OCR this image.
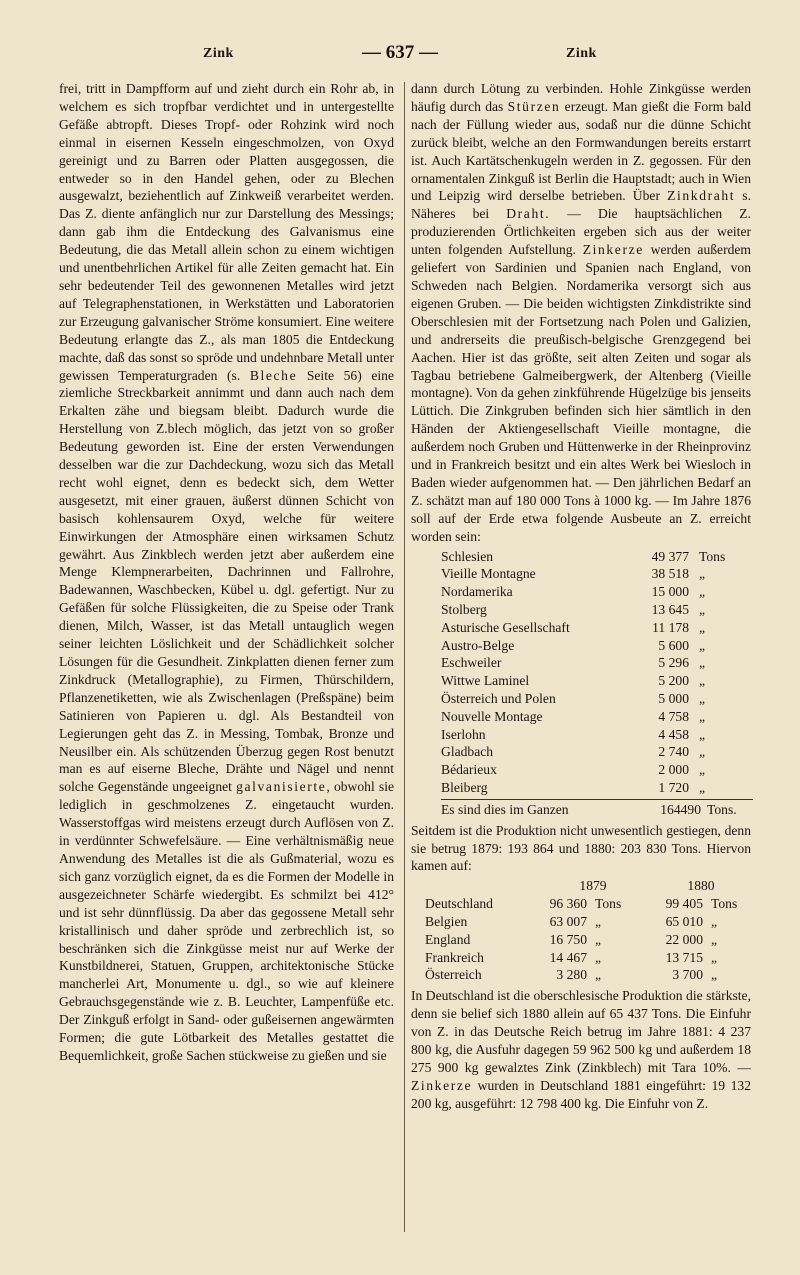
Zink	— 637 —	Zink

frei, tritt in Dampfform auf und zieht durch ein Rohr ab, in welchem es sich tropfbar verdichtet und in untergestellte Gefäße abtropft. Dieses Tropf- oder Rohzink wird noch einmal in eisernen Kesseln eingeschmolzen, von Oxyd gereinigt und zu Barren oder Platten ausgegossen, die entweder so in den Handel gehen, oder zu Blechen ausgewalzt, beziehentlich auf Zinkweiß verarbeitet werden. Das Z. diente anfänglich nur zur Darstellung des Messings; dann gab ihm die Entdeckung des Galvanismus eine Bedeutung, die das Metall allein schon zu einem wichtigen und unentbehrlichen Artikel für alle Zeiten gemacht hat. Ein sehr bedeutender Teil des gewonnenen Metalles wird jetzt auf Telegraphenstationen, in Werkstätten und Laboratorien zur Erzeugung galvanischer Ströme konsumiert. Eine weitere Bedeutung erlangte das Z., als man 1805 die Entdeckung machte, daß das sonst so spröde und undehnbare Metall unter gewissen Temperaturgraden (s. Bleche Seite 56) eine ziemliche Streckbarkeit annimmt und dann auch nach dem Erkalten zähe und biegsam bleibt. Dadurch wurde die Herstellung von Z.blech möglich, das jetzt von so großer Bedeutung geworden ist. Eine der ersten Verwendungen desselben war die zur Dachdeckung, wozu sich das Metall recht wohl eignet, denn es bedeckt sich, dem Wetter ausgesetzt, mit einer grauen, äußerst dünnen Schicht von basisch kohlensaurem Oxyd, welche für weitere Einwirkungen der Atmosphäre einen wirksamen Schutz gewährt. Aus Zinkblech werden jetzt aber außerdem eine Menge Klempnerarbeiten, Dachrinnen und Fallrohre, Badewannen, Waschbecken, Kübel u. dgl. gefertigt. Nur zu Gefäßen für solche Flüssigkeiten, die zu Speise oder Trank dienen, Milch, Wasser, ist das Metall untauglich wegen seiner leichten Löslichkeit und der Schädlichkeit solcher Lösungen für die Gesundheit. Zinkplatten dienen ferner zum Zinkdruck (Metallographie), zu Firmen, Thürschildern, Pflanzenetiketten, wie als Zwischenlagen (Preßspäne) beim Satinieren von Papieren u. dgl. Als Bestandteil von Legierungen geht das Z. in Messing, Tombak, Bronze und Neusilber ein. Als schützenden Überzug gegen Rost benutzt man es auf eiserne Bleche, Drähte und Nägel und nennt solche Gegenstände ungeeignet galvanisierte, obwohl sie lediglich in geschmolzenes Z. eingetaucht wurden. Wasserstoffgas wird meistens erzeugt durch Auflösen von Z. in verdünnter Schwefelsäure. — Eine verhältnismäßig neue Anwendung des Metalles ist die als Gußmaterial, wozu es sich ganz vorzüglich eignet, da es die Formen der Modelle in ausgezeichneter Schärfe wiedergibt. Es schmilzt bei 412° und ist sehr dünnflüssig. Da aber das gegossene Metall sehr kristallinisch und daher spröde und zerbrechlich ist, so beschränken sich die Zinkgüsse meist nur auf Werke der Kunstbildnerei, Statuen, Gruppen, architektonische Stücke mancherlei Art, Monumente u. dgl., so wie auf kleinere Gebrauchsgegenstände wie z. B. Leuchter, Lampenfüße etc. Der Zinkguß erfolgt in Sand- oder gußeisernen angewärmten Formen; die gute Lötbarkeit des Metalles gestattet die Bequemlichkeit, große Sachen stückweise zu gießen und sie

dann durch Lötung zu verbinden. Hohle Zinkgüsse werden häufig durch das Stürzen erzeugt. Man gießt die Form bald nach der Füllung wieder aus, sodaß nur die dünne Schicht zurück bleibt, welche an den Formwandungen bereits erstarrt ist. Auch Kartätschenkugeln werden in Z. gegossen. Für den ornamentalen Zinkguß ist Berlin die Hauptstadt; auch in Wien und Leipzig wird derselbe betrieben. Über Zinkdraht s. Näheres bei Draht. — Die hauptsächlichen Z. produzierenden Örtlichkeiten ergeben sich aus der weiter unten folgenden Aufstellung. Zinkerze werden außerdem geliefert von Sardinien und Spanien nach England, von Schweden nach Belgien. Nordamerika versorgt sich aus eigenen Gruben. — Die beiden wichtigsten Zinkdistrikte sind Oberschlesien mit der Fortsetzung nach Polen und Galizien, und andrerseits die preußisch-belgische Grenzgegend bei Aachen. Hier ist das größte, seit alten Zeiten und sogar als Tagbau betriebene Galmeibergwerk, der Altenberg (Vieille montagne). Von da gehen zinkführende Hügelzüge bis jenseits Lüttich. Die Zinkgruben befinden sich hier sämtlich in den Händen der Aktiengesellschaft Vieille montagne, die außerdem noch Gruben und Hüttenwerke in der Rheinprovinz und in Frankreich besitzt und ein altes Werk bei Wiesloch in Baden wieder aufgenommen hat. — Den jährlichen Bedarf an Z. schätzt man auf 180 000 Tons à 1000 kg. — Im Jahre 1876 soll auf der Erde etwa folgende Ausbeute an Z. erreicht worden sein:

Schlesien	49 377	Tons
Vieille Montagne	38 518	„
Nordamerika	15 000	„
Stolberg	13 645	„
Asturische Gesellschaft	11 178	„
Austro-Belge	5 600	„
Eschweiler	5 296	„
Wittwe Laminel	5 200	„
Österreich und Polen	5 000	„
Nouvelle Montage	4 758	„
Iserlohn	4 458	„
Gladbach	2 740	„
Bédarieux	2 000	„
Bleiberg	1 720	„
Es sind dies im Ganzen	164490 Tons.

Seitdem ist die Produktion nicht unwesentlich gestiegen, denn sie betrug 1879: 193 864 und 1880: 203 830 Tons. Hiervon kamen auf:

	1879		1880	
Deutschland	96 360	Tons	99 405	Tons
Belgien	63 007	„	65 010	„
England	16 750	„	22 000	„
Frankreich	14 467	„	13 715	„
Österreich	3 280	„	3 700	„

In Deutschland ist die oberschlesische Produktion die stärkste, denn sie belief sich 1880 allein auf 65 437 Tons. Die Einfuhr von Z. in das Deutsche Reich betrug im Jahre 1881: 4 237 800 kg, die Ausfuhr dagegen 59 962 500 kg und außerdem 18 275 900 kg gewalztes Zink (Zinkblech) mit Tara 10%. — Zinkerze wurden in Deutschland 1881 eingeführt: 19 132 200 kg, ausgeführt: 12 798 400 kg. Die Einfuhr von Z.
